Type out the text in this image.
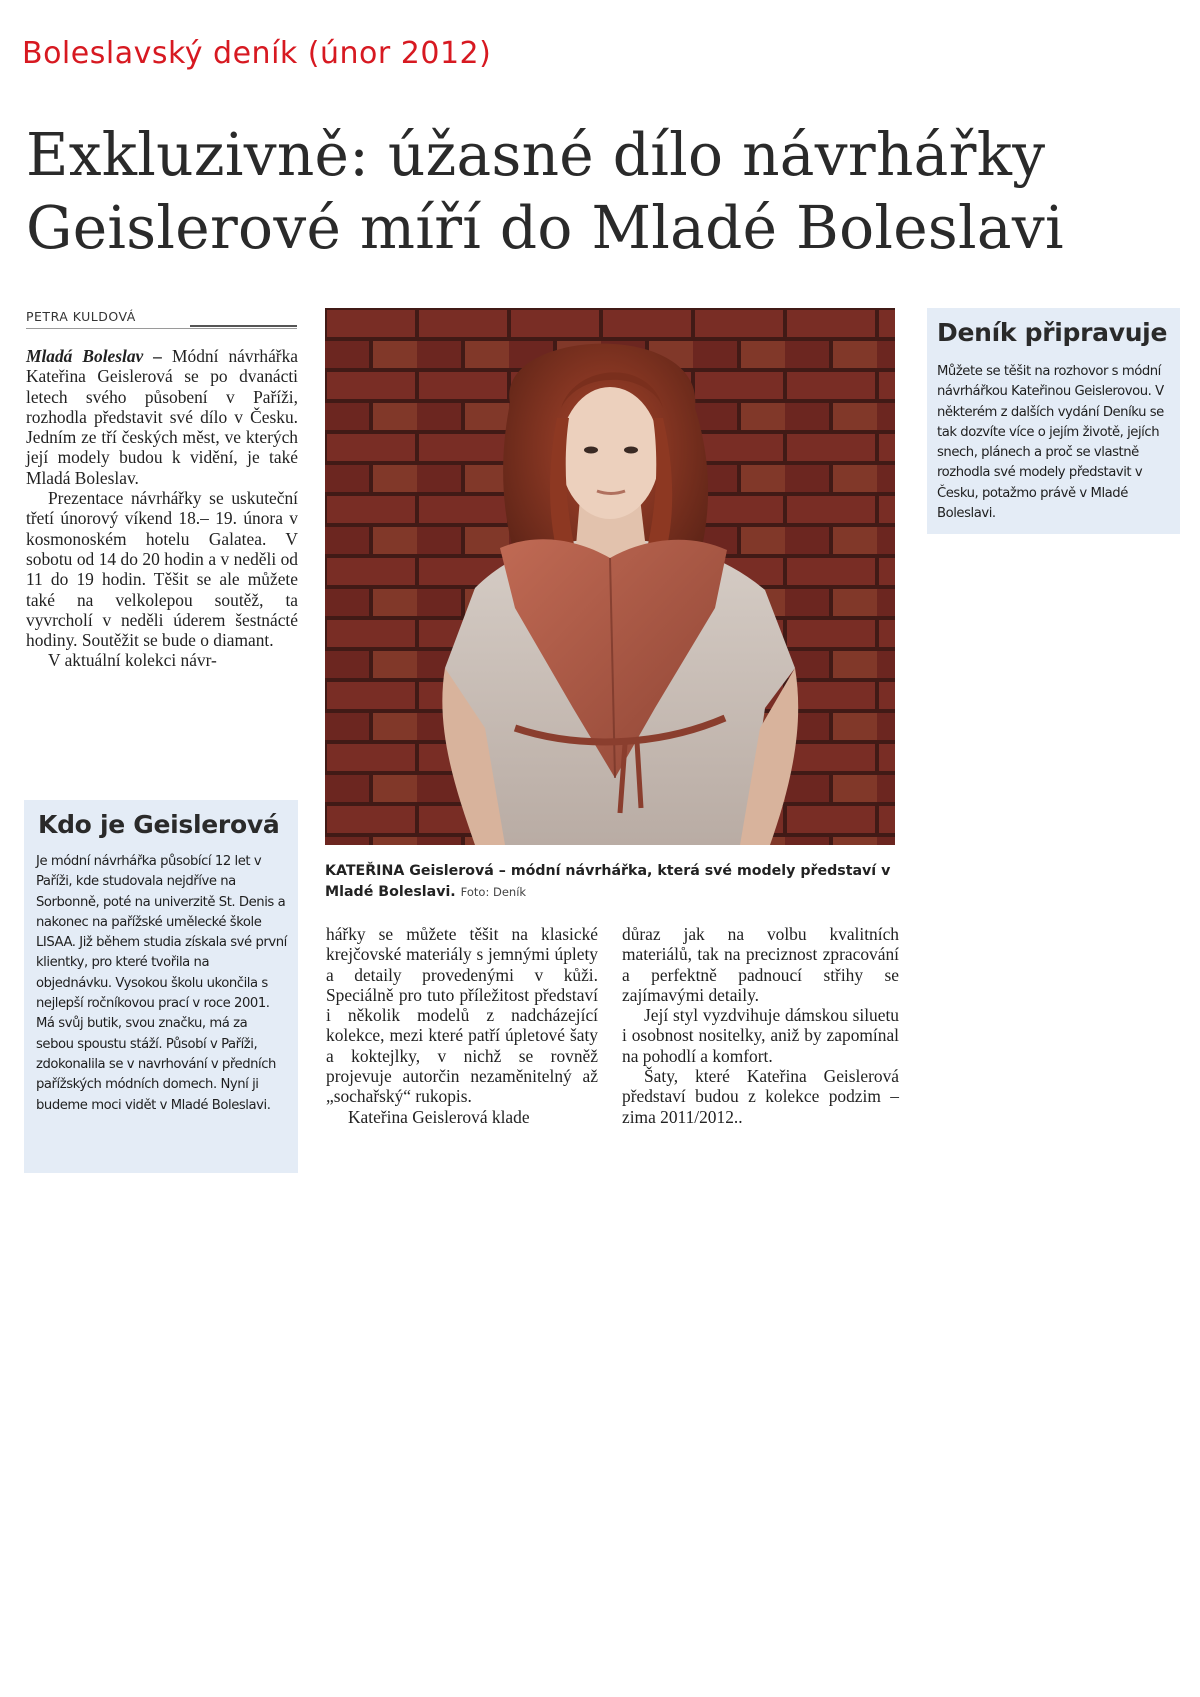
Boleslavský deník (únor 2012)
Exkluzivně: úžasné dílo návrhářky
Geislerové míří do Mladé Boleslavi
PETRA KULDOVÁ

Mladá Boleslav – Módní návrhářka Kateřina Geislerová se po dvanácti letech svého působení v Paříži, rozhodla představit své dílo v Česku. Jedním ze tří českých měst, ve kterých její modely budou k vidění, je také Mladá Boleslav.

Prezentace návrhářky se uskuteční třetí únorový víkend 18.– 19. února v kosmonoském hotelu Galatea. V sobotu od 14 do 20 hodin a v neděli od 11 do 19 hodin. Těšit se ale můžete také na velkolepou soutěž, ta vyvrcholí v neděli úderem šestnácté hodiny. Soutěžit se bude o diamant.

V aktuální kolekci návr-

KATEŘINA Geislerová – módní návrhářka, která své modely představí v Mladé Boleslavi. Foto: Deník

hářky se můžete těšit na klasické krejčovské materiály s jemnými úplety a detaily provedenými v kůži. Speciálně pro tuto příležitost představí i několik modelů z nadcházející kolekce, mezi které patří úpletové šaty a koktejlky, v nichž se rovněž projevuje autorčin nezaměnitelný až „sochařský“ rukopis.

Kateřina Geislerová klade

důraz jak na volbu kvalitních materiálů, tak na preciznost zpracování a perfektně padnoucí střihy se zajímavými detaily.

Její styl vyzdvihuje dámskou siluetu i osobnost nositelky, aniž by zapomínal na pohodlí a komfort.

Šaty, které Kateřina Geislerová představí budou z kolekce podzim –zima 2011/2012..

Kdo je Geislerová

Je módní návrhářka působící 12 let v Paříži, kde studovala nejdříve na Sorbonně, poté na univerzitě St. Denis a nakonec na pařížské umělecké škole LISAA. Již během studia získala své první klientky, pro které tvořila na objednávku. Vysokou školu ukončila s nejlepší ročníkovou prací v roce 2001. Má svůj butik, svou značku, má za sebou spoustu stáží. Působí v Paříži, zdokonalila se v navrhování v předních pařížských módních domech. Nyní ji budeme moci vidět v Mladé Boleslavi.

Deník připravuje

Můžete se těšit na rozhovor s módní návrhářkou Kateřinou Geislerovou. V některém z dalších vydání Deníku se tak dozvíte více o jejím životě, jejích snech, plánech a proč se vlastně rozhodla své modely představit v Česku, potažmo právě v Mladé Boleslavi.
